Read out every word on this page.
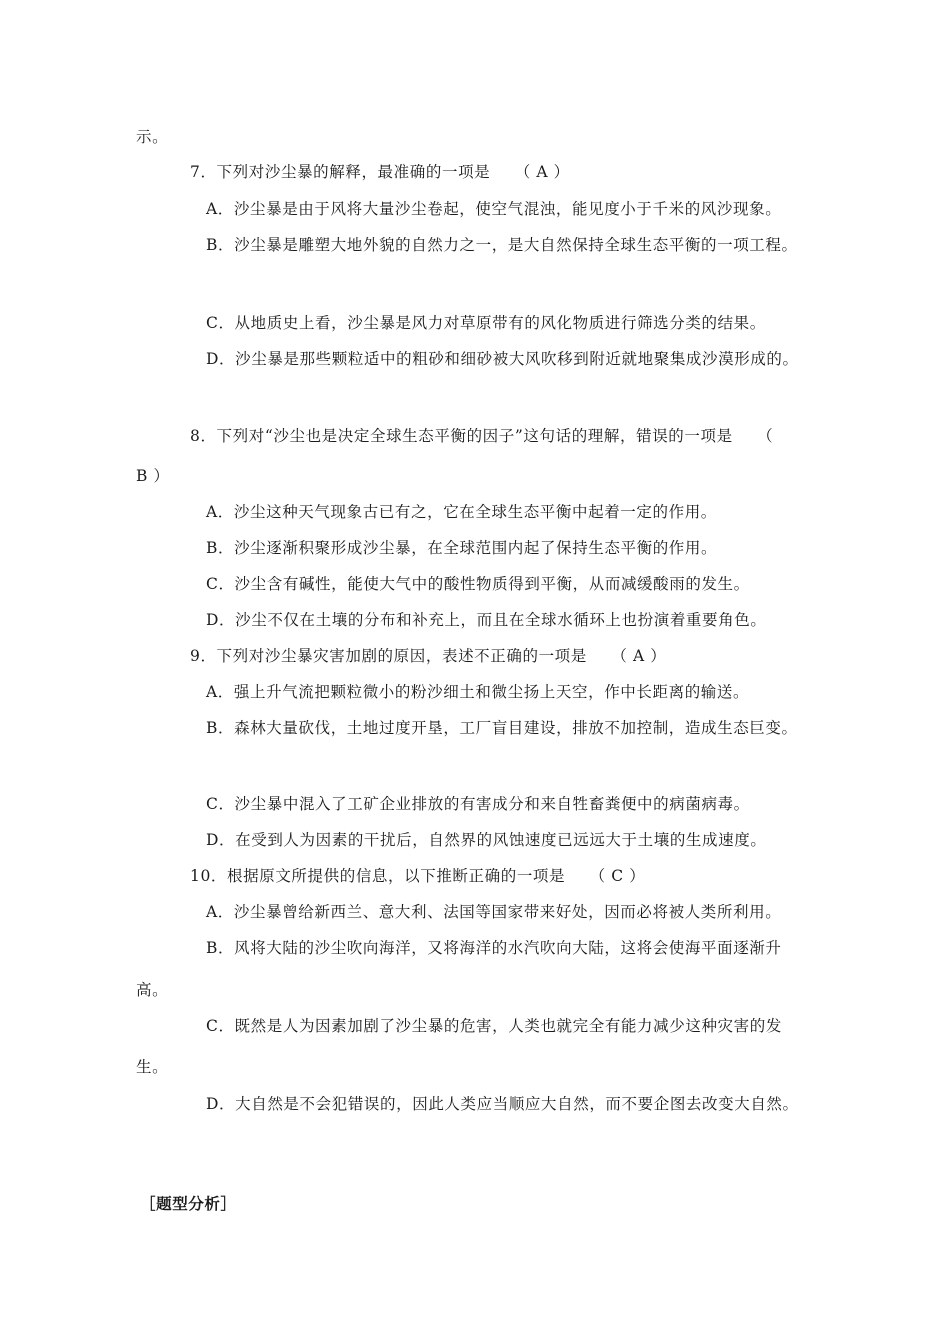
示。
7．下列对沙尘暴的解释，最准确的一项是　　（ A ）
A．沙尘暴是由于风将大量沙尘卷起，使空气混浊，能见度小于千米的风沙现象。
B．沙尘暴是雕塑大地外貌的自然力之一，是大自然保持全球生态平衡的一项工程。
C．从地质史上看，沙尘暴是风力对草原带有的风化物质进行筛选分类的结果。
D．沙尘暴是那些颗粒适中的粗砂和细砂被大风吹移到附近就地聚集成沙漠形成的。
8．下列对“沙尘也是决定全球生态平衡的因子”这句话的理解，错误的一项是　　（
B ）
A．沙尘这种天气现象古已有之，它在全球生态平衡中起着一定的作用。
B．沙尘逐渐积聚形成沙尘暴，在全球范围内起了保持生态平衡的作用。
C．沙尘含有碱性，能使大气中的酸性物质得到平衡，从而减缓酸雨的发生。
D．沙尘不仅在土壤的分布和补充上，而且在全球水循环上也扮演着重要角色。
9．下列对沙尘暴灾害加剧的原因，表述不正确的一项是　　（ A ）
A．强上升气流把颗粒微小的粉沙细土和微尘扬上天空，作中长距离的输送。
B．森林大量砍伐，土地过度开垦，工厂盲目建设，排放不加控制，造成生态巨变。
C．沙尘暴中混入了工矿企业排放的有害成分和来自牲畜粪便中的病菌病毒。
D．在受到人为因素的干扰后，自然界的风蚀速度已远远大于土壤的生成速度。
10．根据原文所提供的信息，以下推断正确的一项是　　（ C ）
A．沙尘暴曾给新西兰、意大利、法国等国家带来好处，因而必将被人类所利用。
B．风将大陆的沙尘吹向海洋，又将海洋的水汽吹向大陆，这将会使海平面逐渐升
高。
C．既然是人为因素加剧了沙尘暴的危害，人类也就完全有能力减少这种灾害的发
生。
D．大自然是不会犯错误的，因此人类应当顺应大自然，而不要企图去改变大自然。
［题型分析］
